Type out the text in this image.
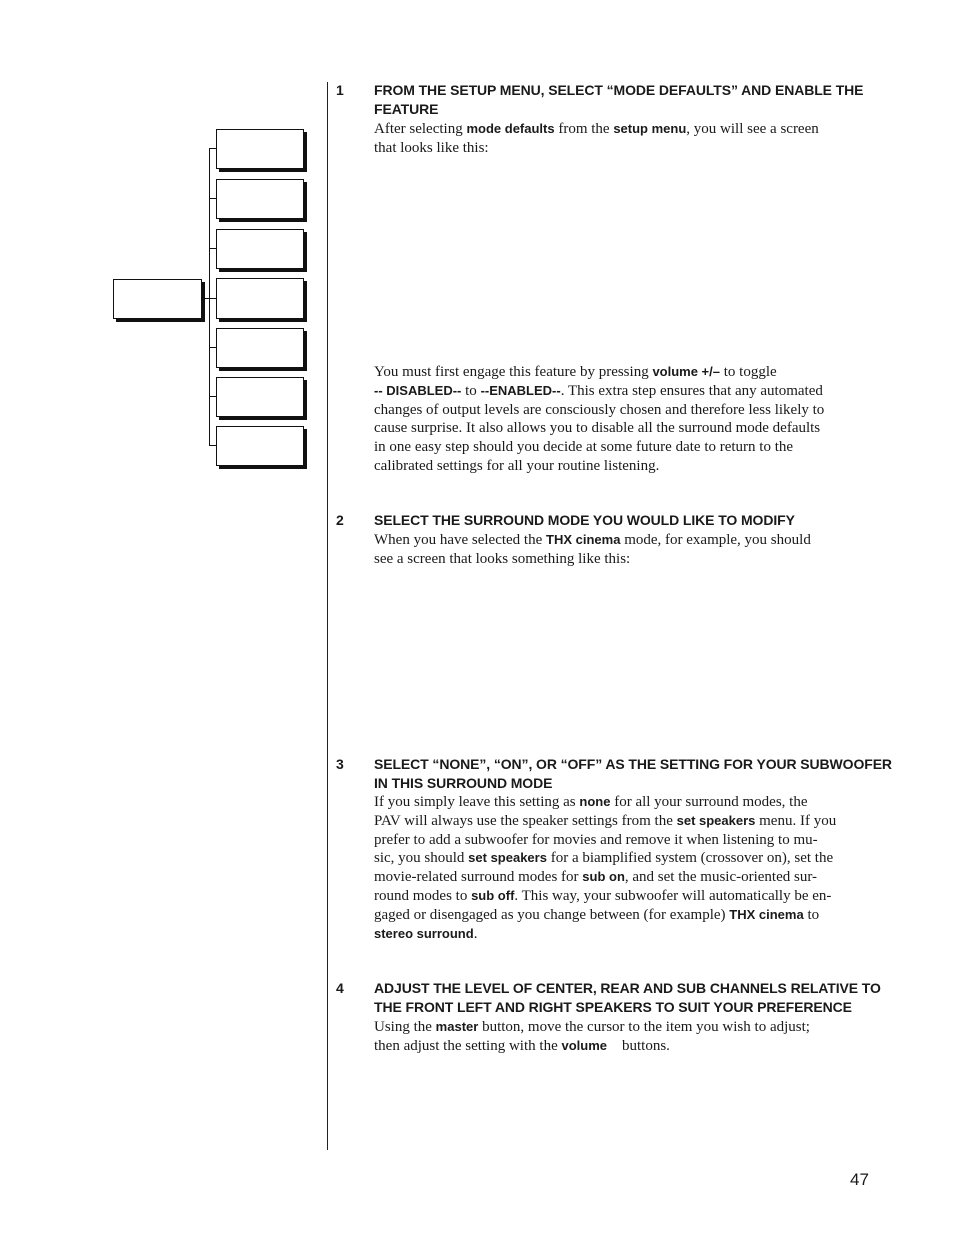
1 FROM THE SETUP MENU, SELECT “MODE DEFAULTS” AND ENABLE THE
FEATURE
After selecting mode defaults from the setup menu, you will see a screen
that looks like this:
You must first engage this feature by pressing volume +/– to toggle
-- DISABLED-- to --ENABLED--. This extra step ensures that any automated
changes of output levels are consciously chosen and therefore less likely to
cause surprise. It also allows you to disable all the surround mode defaults
in one easy step should you decide at some future date to return to the
calibrated settings for all your routine listening.
2 SELECT THE SURROUND MODE YOU WOULD LIKE TO MODIFY
When you have selected the THX cinema mode, for example, you should
see a screen that looks something like this:
3 SELECT “NONE”, “ON”, OR “OFF” AS THE SETTING FOR YOUR SUBWOOFER
IN THIS SURROUND MODE
If you simply leave this setting as none for all your surround modes, the
PAV will always use the speaker settings from the set speakers menu. If you
prefer to add a subwoofer for movies and remove it when listening to mu-
sic, you should set speakers for a biamplified system (crossover on), set the
movie-related surround modes for sub on, and set the music-oriented sur-
round modes to sub off. This way, your subwoofer will automatically be en-
gaged or disengaged as you change between (for example) THX cinema to
stereo surround.
4 ADJUST THE LEVEL OF CENTER, REAR AND SUB CHANNELS RELATIVE TO
THE FRONT LEFT AND RIGHT SPEAKERS TO SUIT YOUR PREFERENCE
Using the master button, move the cursor to the item you wish to adjust;
then adjust the setting with the volume    buttons.
47
